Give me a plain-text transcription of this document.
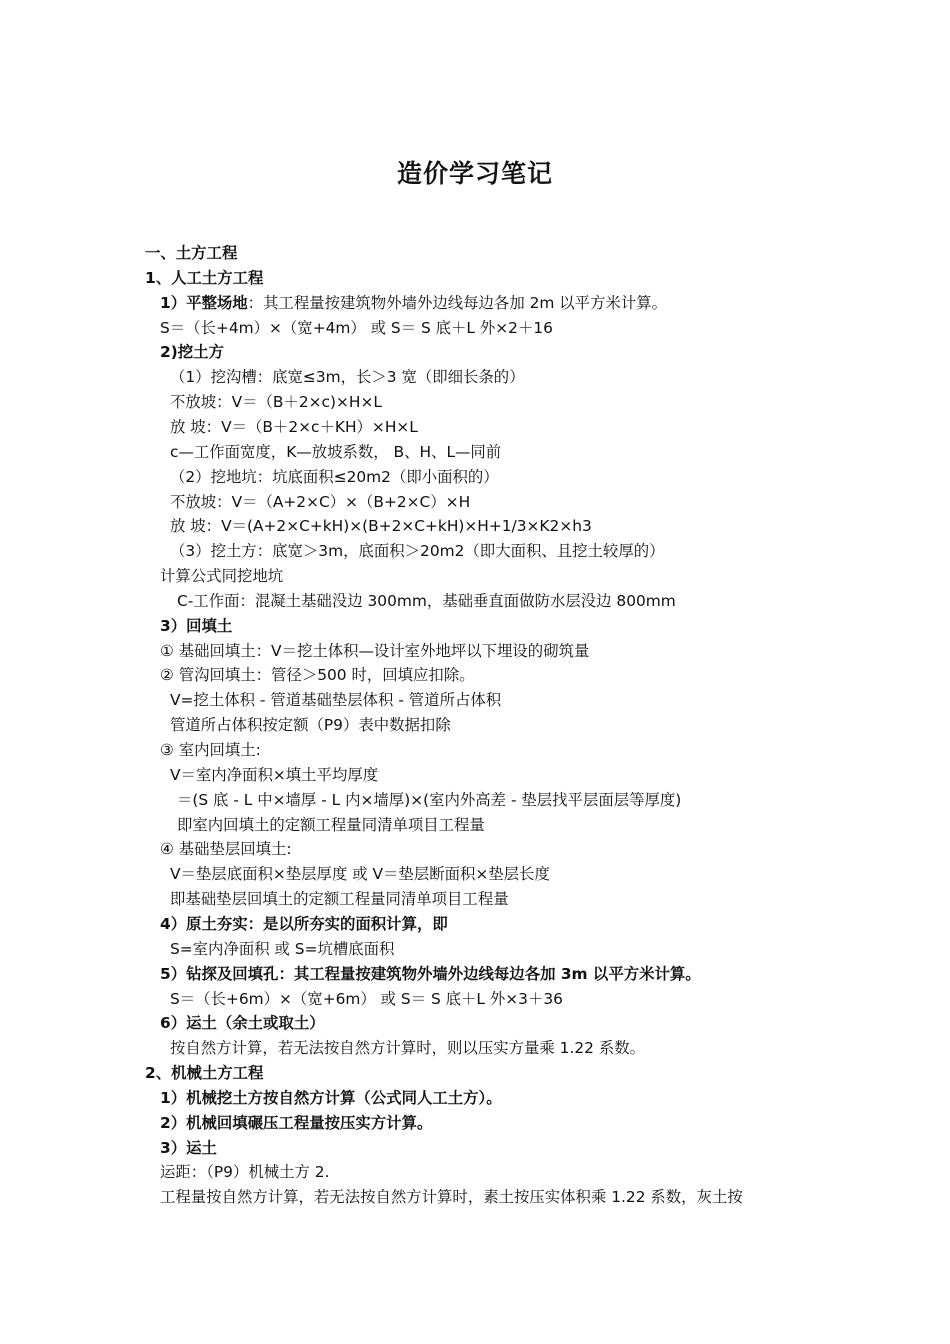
造价学习笔记
一、土方工程
1、人工土方工程
1）平整场地：其工程量按建筑物外墙外边线每边各加 2m 以平方米计算。
S＝（长+4m）×（宽+4m） 或 S＝ S 底＋L 外×2＋16
2)挖土方
（1）挖沟槽：底宽≤3m，长＞3 宽（即细长条的）
不放坡：V＝（B＋2×c)×H×L
放 坡：V＝（B＋2×c＋KH）×H×L
c—工作面宽度，K—放坡系数， B、H、L—同前
（2）挖地坑：坑底面积≤20m2（即小面积的）
不放坡：V＝（A+2×C）×（B+2×C）×H
放 坡：V＝(A+2×C+kH)×(B+2×C+kH)×H+1/3×K2×h3
（3）挖土方：底宽＞3m，底面积＞20m2（即大面积、且挖土较厚的）
计算公式同挖地坑
C-工作面：混凝土基础没边 300mm，基础垂直面做防水层没边 800mm
3）回填土
① 基础回填土：V＝挖土体积—设计室外地坪以下埋设的砌筑量
② 管沟回填土：管径＞500 时，回填应扣除。
V=挖土体积 - 管道基础垫层体积 - 管道所占体积
管道所占体积按定额（P9）表中数据扣除
③ 室内回填土:
V＝室内净面积×填土平均厚度
＝(S 底 - L 中×墙厚 - L 内×墙厚)×(室内外高差 - 垫层找平层面层等厚度)
即室内回填土的定额工程量同清单项目工程量
④ 基础垫层回填土:
V＝垫层底面积×垫层厚度 或 V＝垫层断面积×垫层长度
即基础垫层回填土的定额工程量同清单项目工程量
4）原土夯实：是以所夯实的面积计算，即
S=室内净面积 或 S=坑槽底面积
5）钻探及回填孔：其工程量按建筑物外墙外边线每边各加 3m 以平方米计算。
S＝（长+6m）×（宽+6m） 或 S＝ S 底＋L 外×3＋36
6）运土（余土或取土）
按自然方计算，若无法按自然方计算时，则以压实方量乘 1.22 系数。
2、机械土方工程
1）机械挖土方按自然方计算（公式同人工土方）。
2）机械回填碾压工程量按压实方计算。
3）运土
运距：（P9）机械土方 2.
工程量按自然方计算，若无法按自然方计算时，素土按压实体积乘 1.22 系数，灰土按
